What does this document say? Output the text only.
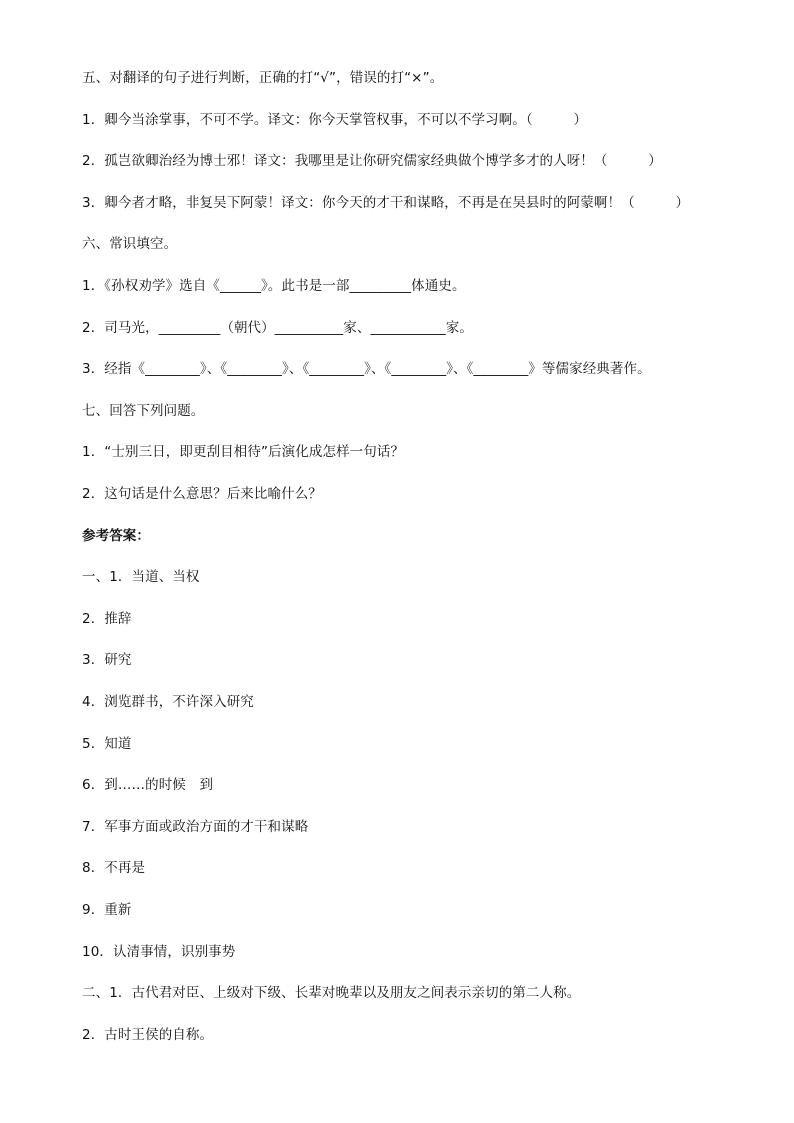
五、对翻译的句子进行判断，正确的打“√”，错误的打“×”。
1．卿今当涂掌事，不可不学。译文：你今天掌管权事，不可以不学习啊。（　　　）
2．孤岂欲卿治经为博士邪！译文：我哪里是让你研究儒家经典做个博学多才的人呀！（　　　）
3．卿今者才略，非复吴下阿蒙！译文：你今天的才干和谋略，不再是在吴县时的阿蒙啊！（　　　）
六、常识填空。
1．《孙权劝学》选自《______》。此书是一部_________体通史。
2．司马光，_________（朝代）__________家、___________家。
3．经指《________》、《________》、《________》、《________》、《________》等儒家经典著作。
七、回答下列问题。
1．“士别三日，即更刮目相待”后演化成怎样一句话？
2．这句话是什么意思？后来比喻什么？
参考答案：
一、1．当道、当权
2．推辞
3．研究
4．浏览群书，不许深入研究
5．知道
6．到……的时候　到
7．军事方面或政治方面的才干和谋略
8．不再是
9．重新
10．认清事情，识别事势
二、1．古代君对臣、上级对下级、长辈对晚辈以及朋友之间表示亲切的第二人称。
2．古时王侯的自称。
